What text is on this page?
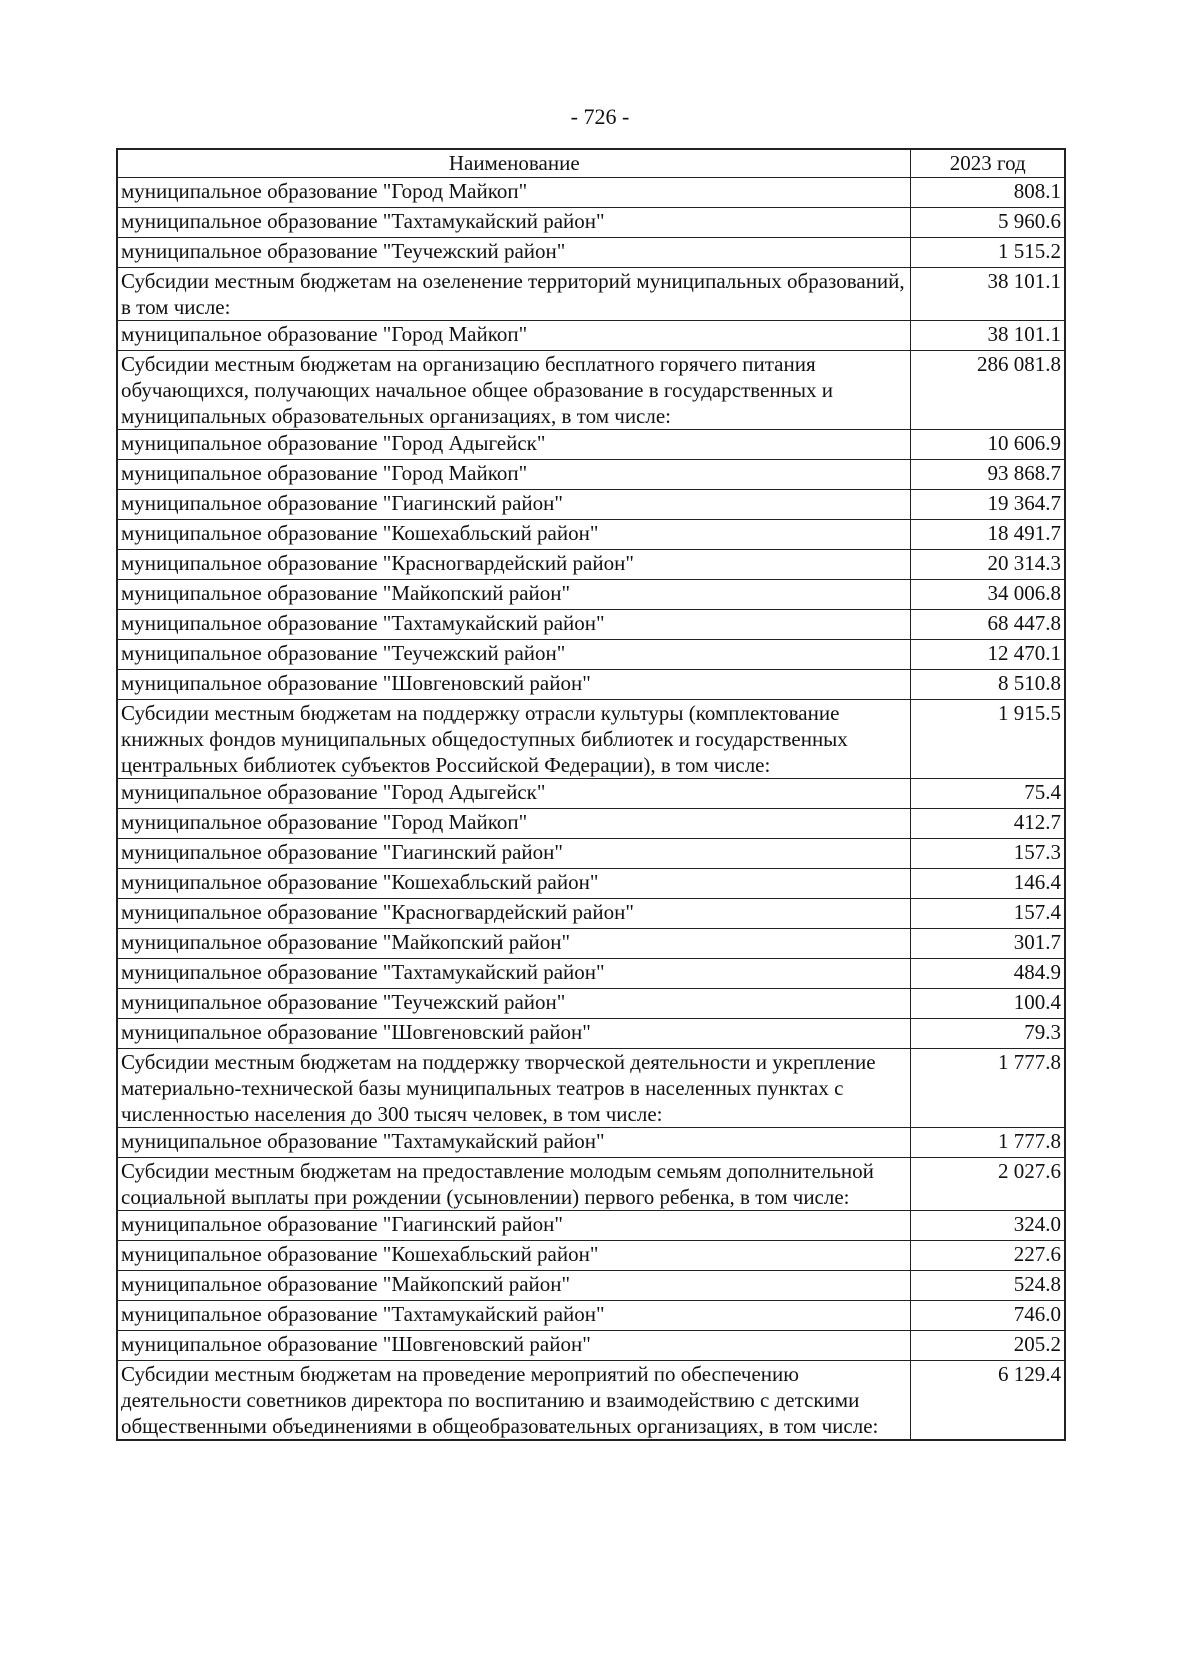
- 726 -
Наименование	2023 год
муниципальное образование "Город Майкоп"	808.1
муниципальное образование "Тахтамукайский район"	5 960.6
муниципальное образование "Теучежский район"	1 515.2
Субсидии местным бюджетам на озеленение территорий муниципальных образований, в том числе:	38 101.1
муниципальное образование "Город Майкоп"	38 101.1
Субсидии местным бюджетам на организацию бесплатного горячего питания обучающихся, получающих начальное общее образование в государственных и муниципальных образовательных организациях, в том числе:	286 081.8
муниципальное образование "Город Адыгейск"	10 606.9
муниципальное образование "Город Майкоп"	93 868.7
муниципальное образование "Гиагинский район"	19 364.7
муниципальное образование "Кошехабльский район"	18 491.7
муниципальное образование "Красногвардейский район"	20 314.3
муниципальное образование "Майкопский район"	34 006.8
муниципальное образование "Тахтамукайский район"	68 447.8
муниципальное образование "Теучежский район"	12 470.1
муниципальное образование "Шовгеновский район"	8 510.8
Субсидии местным бюджетам на поддержку отрасли культуры (комплектование книжных фондов муниципальных общедоступных библиотек и государственных центральных библиотек субъектов Российской Федерации), в том числе:	1 915.5
муниципальное образование "Город Адыгейск"	75.4
муниципальное образование "Город Майкоп"	412.7
муниципальное образование "Гиагинский район"	157.3
муниципальное образование "Кошехабльский район"	146.4
муниципальное образование "Красногвардейский район"	157.4
муниципальное образование "Майкопский район"	301.7
муниципальное образование "Тахтамукайский район"	484.9
муниципальное образование "Теучежский район"	100.4
муниципальное образование "Шовгеновский район"	79.3
Субсидии местным бюджетам на поддержку творческой деятельности и укрепление материально-технической базы муниципальных театров в населенных пунктах с численностью населения до 300 тысяч человек, в том числе:	1 777.8
муниципальное образование "Тахтамукайский район"	1 777.8
Субсидии местным бюджетам на предоставление молодым семьям дополнительной социальной выплаты при рождении (усыновлении) первого ребенка, в том числе:	2 027.6
муниципальное образование "Гиагинский район"	324.0
муниципальное образование "Кошехабльский район"	227.6
муниципальное образование "Майкопский район"	524.8
муниципальное образование "Тахтамукайский район"	746.0
муниципальное образование "Шовгеновский район"	205.2
Субсидии местным бюджетам на проведение мероприятий по обеспечению деятельности советников директора по воспитанию и взаимодействию с детскими общественными объединениями в общеобразовательных организациях, в том числе:	6 129.4
